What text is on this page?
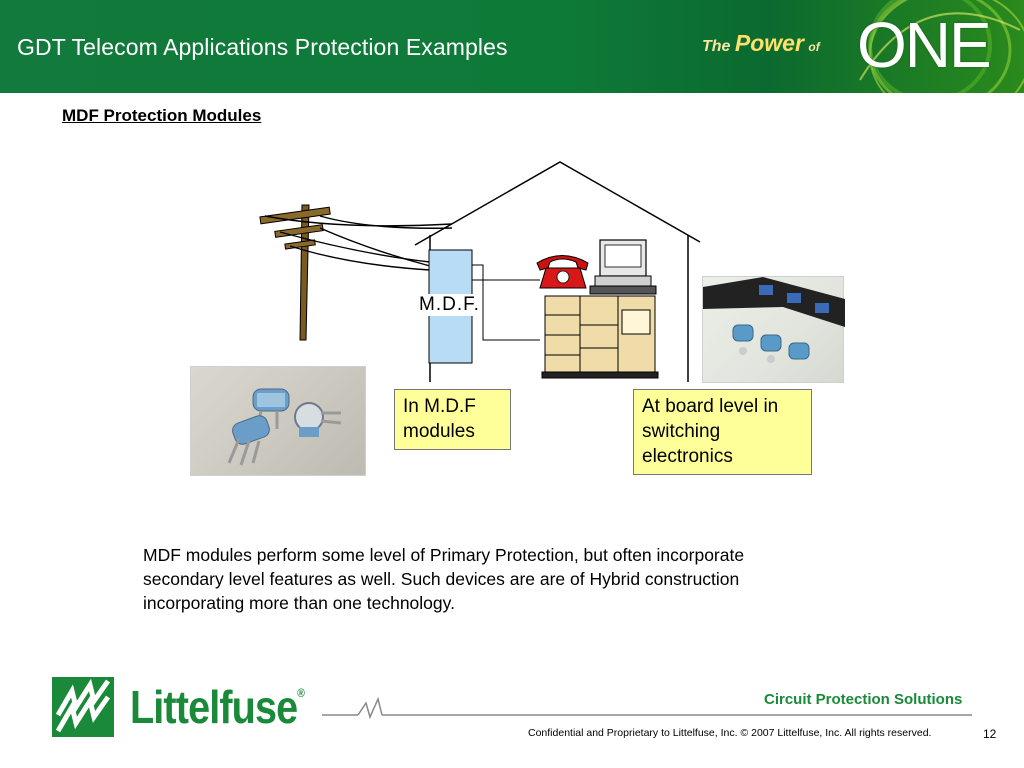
GDT Telecom Applications Protection Examples	The Power of ONE
MDF Protection Modules
M.D.F.
In M.D.F
modules
At board level in
switching
electronics
MDF modules perform some level of Primary Protection, but often incorporate
secondary level features as well. Such devices are are of Hybrid construction
incorporating more than one technology.
Littelfuse®	Circuit Protection Solutions
Confidential and Proprietary to Littelfuse, Inc. © 2007 Littelfuse, Inc. All rights reserved.	12
